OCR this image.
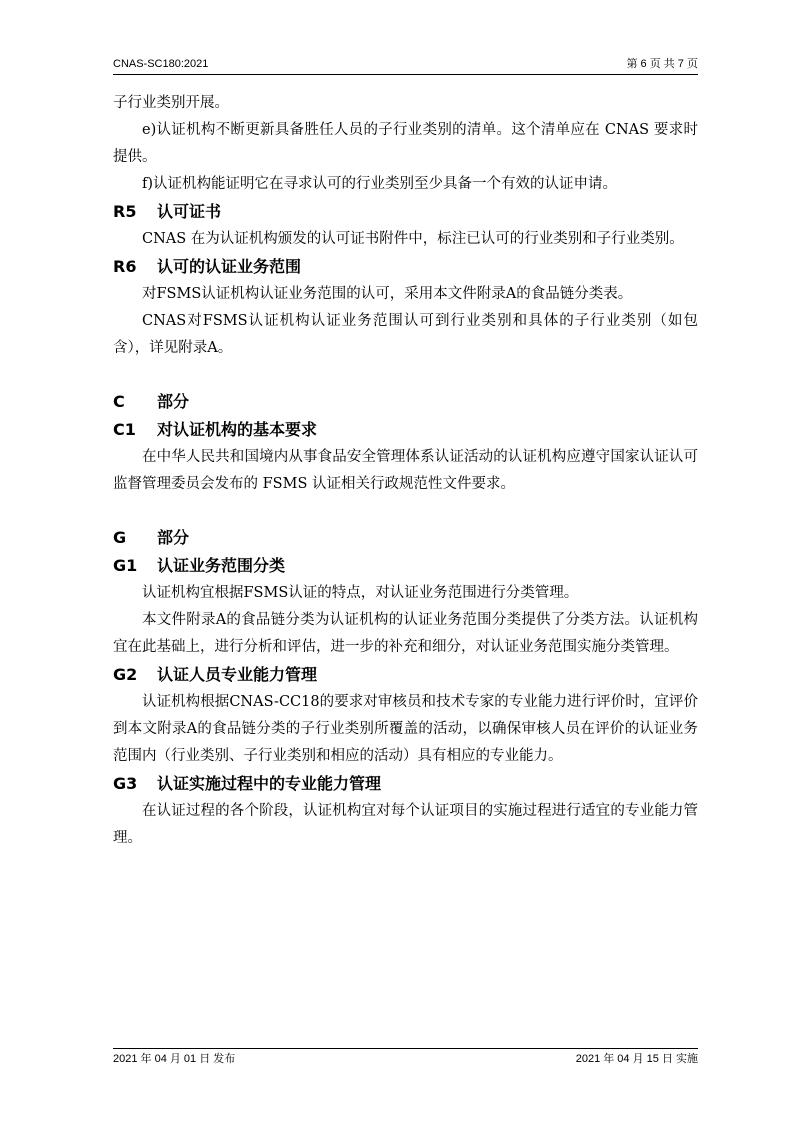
CNAS-SC180:2021	第 6 页 共 7 页

子行业类别开展。

e)认证机构不断更新具备胜任人员的子行业类别的清单。这个清单应在 CNAS 要求时提供。

f)认证机构能证明它在寻求认可的行业类别至少具备一个有效的认证申请。

R5 认可证书

CNAS 在为认证机构颁发的认可证书附件中，标注已认可的行业类别和子行业类别。

R6 认可的认证业务范围

对FSMS认证机构认证业务范围的认可，采用本文件附录A的食品链分类表。

CNAS对FSMS认证机构认证业务范围认可到行业类别和具体的子行业类别（如包含），详见附录A。

C 部分
C1 对认证机构的基本要求

在中华人民共和国境内从事食品安全管理体系认证活动的认证机构应遵守国家认证认可监督管理委员会发布的 FSMS 认证相关行政规范性文件要求。

G 部分
G1 认证业务范围分类

认证机构宜根据FSMS认证的特点，对认证业务范围进行分类管理。

本文件附录A的食品链分类为认证机构的认证业务范围分类提供了分类方法。认证机构宜在此基础上，进行分析和评估，进一步的补充和细分，对认证业务范围实施分类管理。

G2 认证人员专业能力管理

认证机构根据CNAS-CC18的要求对审核员和技术专家的专业能力进行评价时，宜评价到本文附录A的食品链分类的子行业类别所覆盖的活动，以确保审核人员在评价的认证业务范围内（行业类别、子行业类别和相应的活动）具有相应的专业能力。

G3 认证实施过程中的专业能力管理

在认证过程的各个阶段，认证机构宜对每个认证项目的实施过程进行适宜的专业能力管理。

2021 年 04 月 01 日 发布	2021 年 04 月 15 日 实施
